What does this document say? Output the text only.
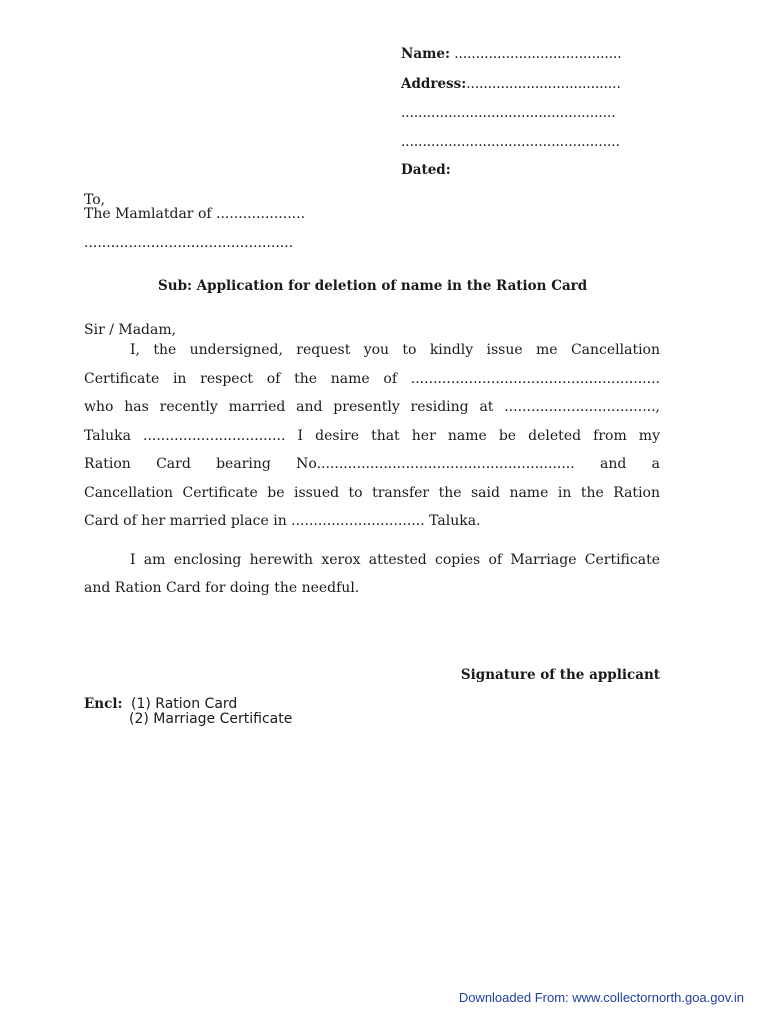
Name: .......................................
Address:....................................
..................................................
...................................................
Dated:
To,
The Mamlatdar of ....................
...............................................
Sub: Application for deletion of name in the Ration Card
Sir / Madam,
I, the undersigned, request you to kindly issue me Cancellation
Certificate in respect of the name of ........................................................
who has recently married and presently residing at ..................................,
Taluka ................................ I desire that her name be deleted from my
Ration Card bearing No.......................................................... and a
Cancellation Certificate be issued to transfer the said name in the Ration
Card of her married place in .............................. Taluka.
I am enclosing herewith xerox attested copies of Marriage Certificate
and Ration Card for doing the needful.
Signature of the applicant
Encl: (1) Ration Card
(2) Marriage Certificate
Downloaded From: www.collectornorth.goa.gov.in
